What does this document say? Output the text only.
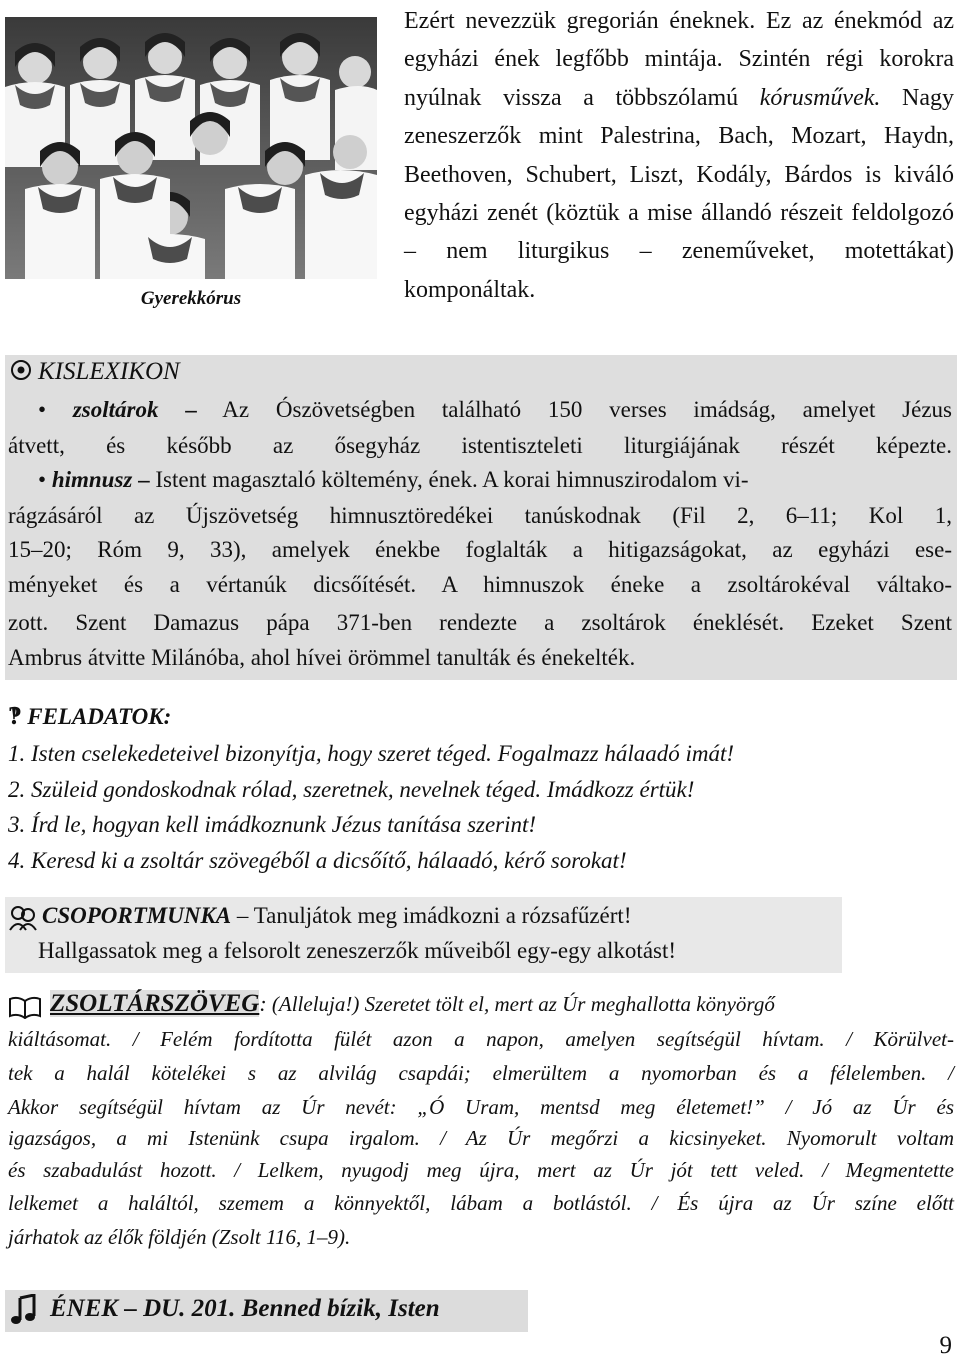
Gyerekkórus
Ezért nevezzük gregorián éneknek. Ez az énekmód az egyházi ének legfőbb mintája. Szintén régi korokra nyúlnak vissza a többszólamú kórusművek. Nagy zeneszerzők mint Palestrina, Bach, Mozart, Haydn, Beethoven, Schubert, Liszt, Kodály, Bárdos is kiváló egyházi zenét (köztük a mise állandó részeit feldolgozó – nem liturgikus – zeneműveket, motettákat) komponáltak.
KISLEXIKON
• zsoltárok – Az Ószövetségben található 150 verses imádság, amelyet Jézus
átvett, és később az ősegyház istentiszteleti liturgiájának részét képezte.
• himnusz – Istent magasztaló költemény, ének. A korai himnuszirodalom vi-
rágzásáról az Újszövetség himnusztöredékei tanúskodnak (Fil 2, 6–11; Kol 1,
15–20; Róm 9, 33), amelyek énekbe foglalták a hitigazságokat, az egyházi ese-
ményeket és a vértanúk dicsőítését. A himnuszok éneke a zsoltárokéval váltako-
zott. Szent Damazus pápa 371-ben rendezte a zsoltárok éneklését. Ezeket Szent
Ambrus átvitte Milánóba, ahol hívei örömmel tanulták és énekelték.
‽ FELADATOK:
1. Isten cselekedeteivel bizonyítja, hogy szeret téged. Fogalmazz hálaadó imát!
2. Szüleid gondoskodnak rólad, szeretnek, nevelnek téged. Imádkozz értük!
3. Írd le, hogyan kell imádkoznunk Jézus tanítása szerint!
4. Keresd ki a zsoltár szövegéből a dicsőítő, hálaadó, kérő sorokat!
CSOPORTMUNKA – Tanuljátok meg imádkozni a rózsafűzért!
Hallgassatok meg a felsorolt zeneszerzők műveiből egy-egy alkotást!
ZSOLTÁRSZÖVEG: (Alleluja!) Szeretet tölt el, mert az Úr meghallotta könyörgő
kiáltásomat. / Felém fordította fülét azon a napon, amelyen segítségül hívtam. / Körülvet-
tek a halál kötelékei s az alvilág csapdái; elmerültem a nyomorban és a félelemben. /
Akkor segítségül hívtam az Úr nevét: „Ó Uram, mentsd meg életemet!” / Jó az Úr és
igazságos, a mi Istenünk csupa irgalom. / Az Úr megőrzi a kicsinyeket. Nyomorult voltam
és szabadulást hozott. / Lelkem, nyugodj meg újra, mert az Úr jót tett veled. / Megmentette
lelkemet a haláltól, szemem a könnyektől, lábam a botlástól. / És újra az Úr színe előtt
járhatok az élők földjén (Zsolt 116, 1–9).
ÉNEK – DU. 201. Benned bízik, Isten
9
